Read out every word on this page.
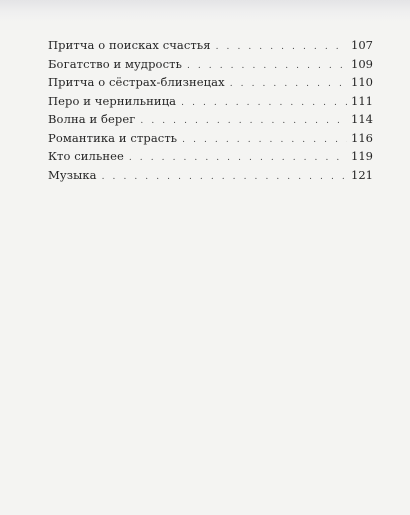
Притча о поисках счастья . . .	107
Богатство и мудрость . . .	109
Притча о сёстрах-близнецах . . .	110
Перо и чернильница . . .	111
Волна и берег . . .	114
Романтика и страсть . . .	116
Кто сильнее . . .	119
Музыка . . .	121
